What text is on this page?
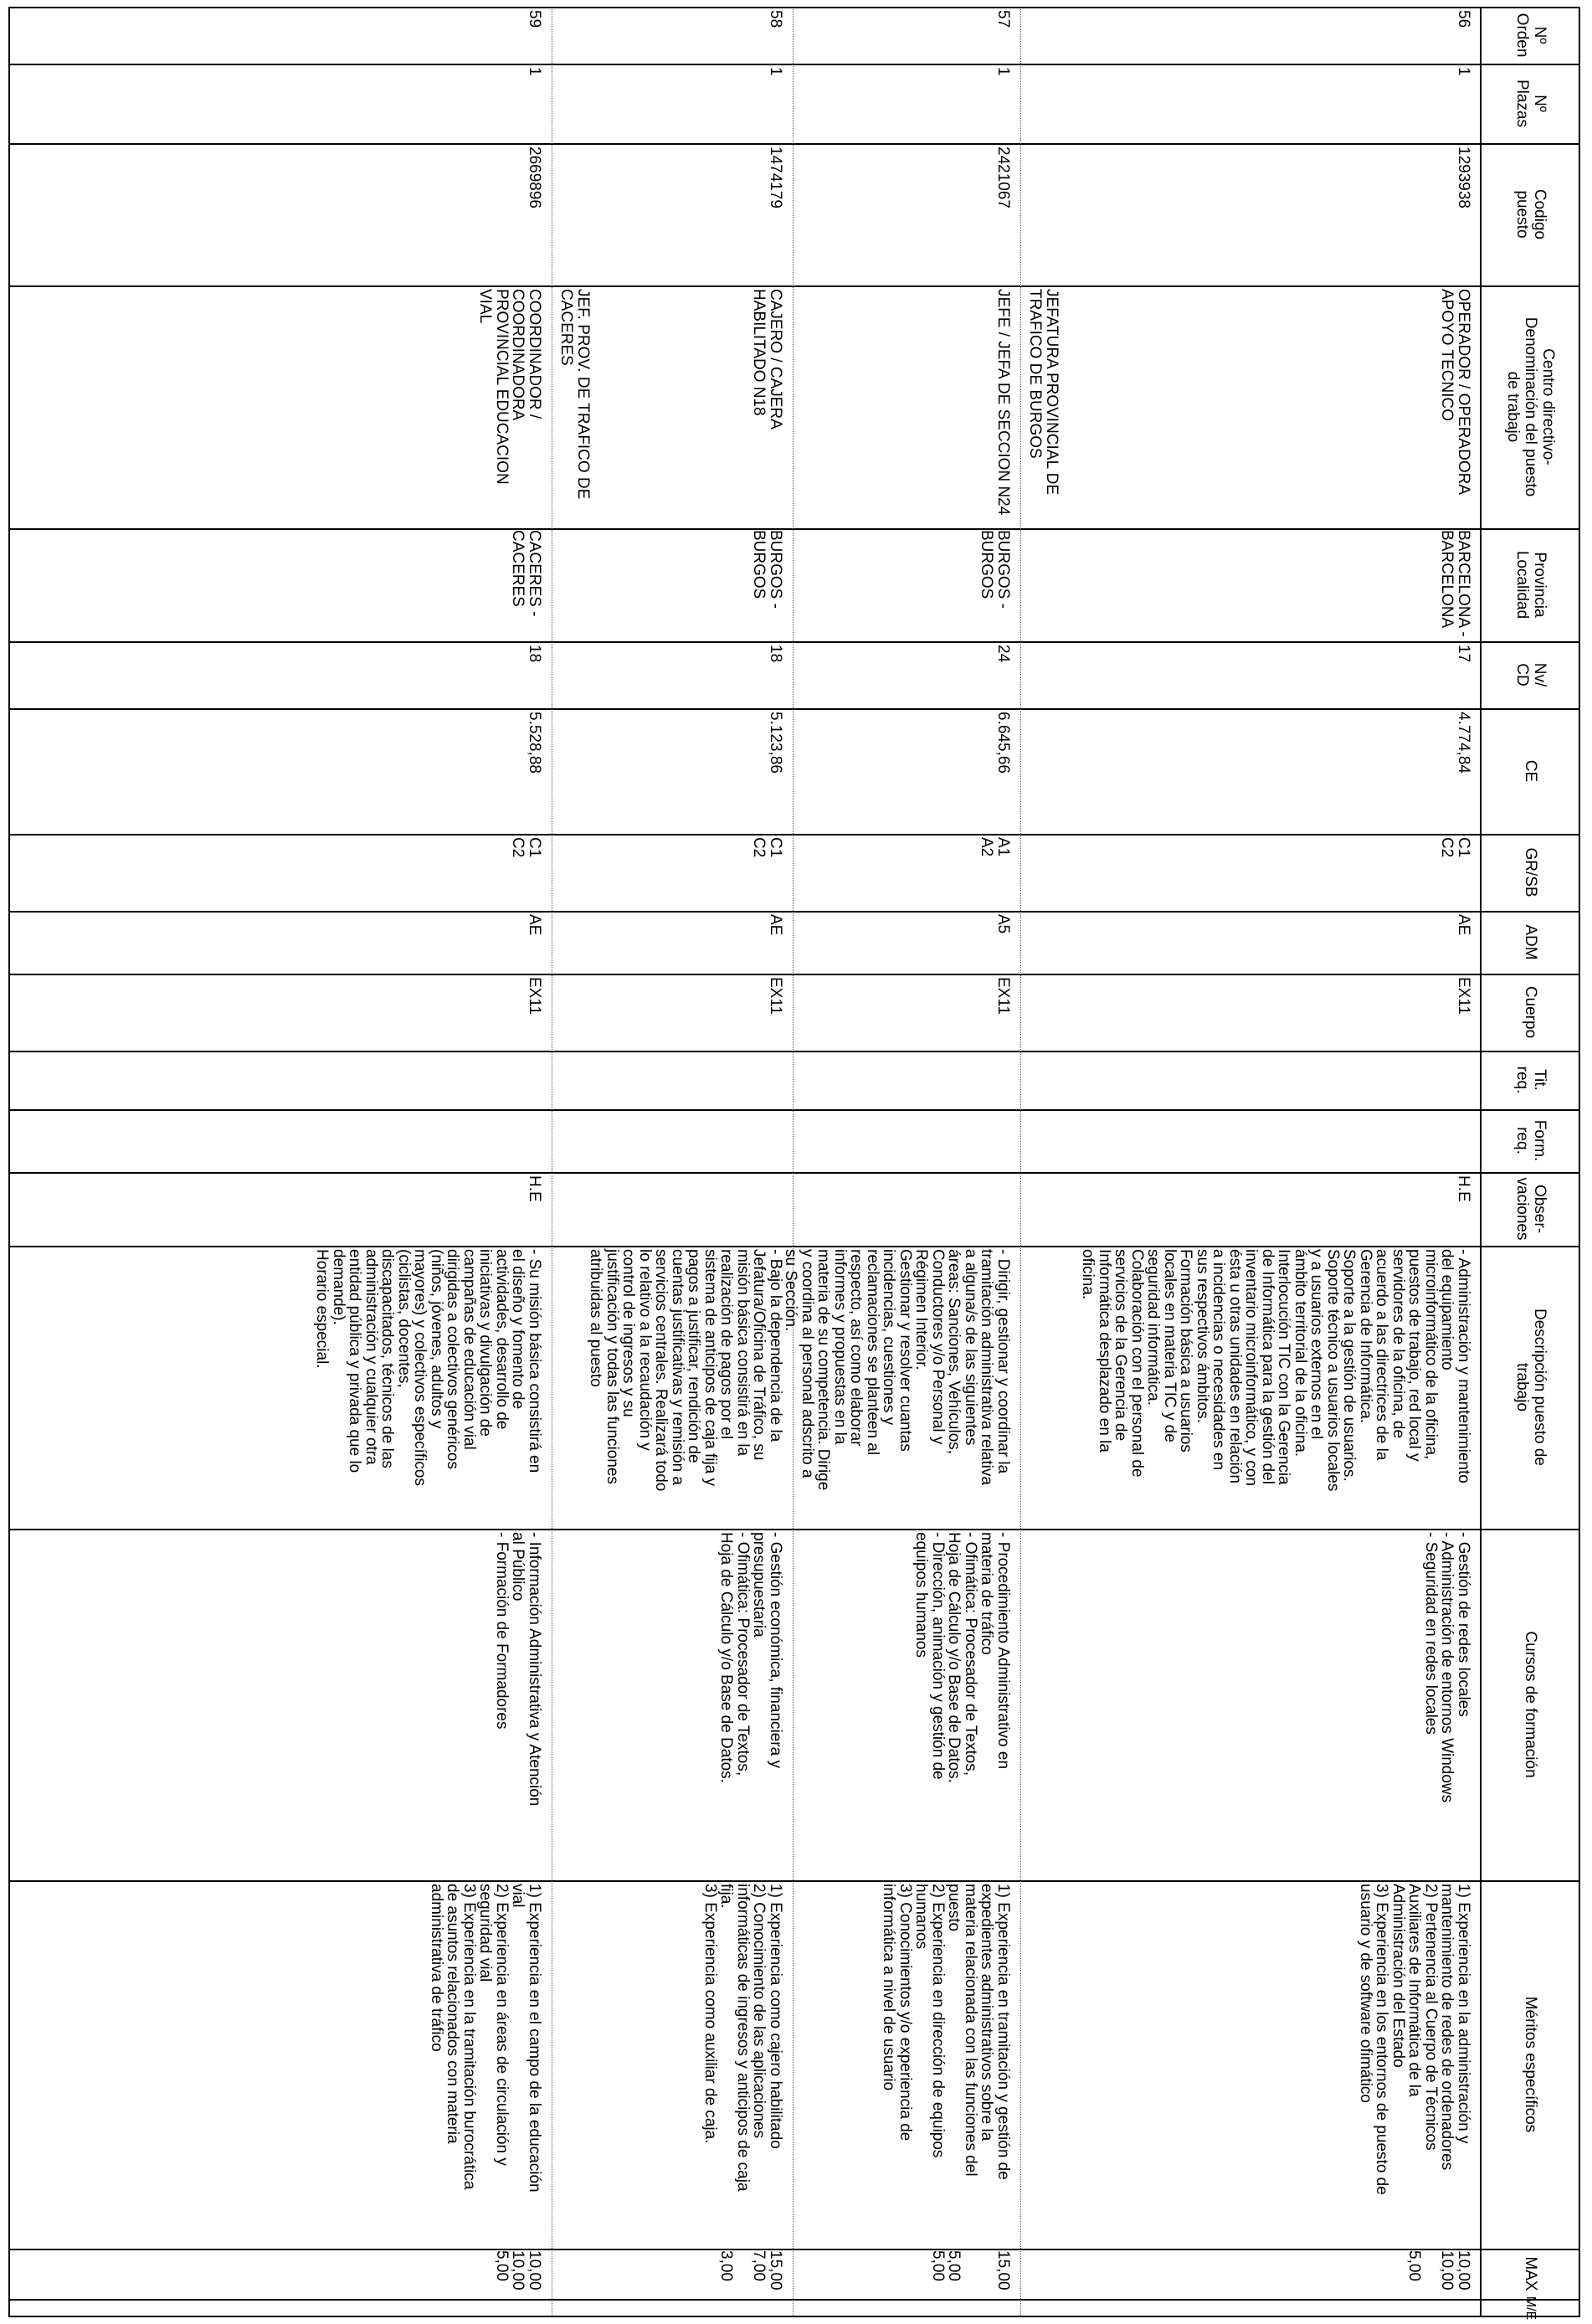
Nº
Orden
Nº
Plazas
Codigo
puesto
Centro directivo-
Denominación del puesto
de trabajo
Provincia
Localidad
Nv/
CD
CE
GR/SB
ADM
Cuerpo
Tit.
req.
Form.
req.
Obser-
vaciones
Descripción puesto de
trabajo
Cursos de formación
Méritos específicos
MAX
M/E
56
1
1293938
OPERADOR / OPERADORA
APOYO TECNICO
BARCELONA -
BARCELONA
17
4.774,84
C1
C2
AE
EX11
H.E
- Administración y mantenimiento
del equipamiento
microinformático de la oficina,
puestos de trabajo, red local y
servidores de la oficina, de
acuerdo a las directrices de la
Gerencia de Informática.
Soporte a la gestión de usuarios.
Soporte técnico a usuarios locales
y a usuarios externos en el
ámbito territorial de la oficina.
Interlocución TIC con la Gerencia
de Informática para la gestión del
inventario microinformático, y con
ésta u otras unidades en relación
a incidencias o necesidades en
sus respectivos ámbitos.
Formación básica a usuarios
locales en materia TIC y de
seguridad informática.
Colaboración con el personal de
servicios de la Gerencia de
Informática desplazado en la
oficina.
- Gestión de redes locales
- Administración de entornos Windows
- Seguridad en redes locales
1) Experiencia en la administración y
mantenimiento de redes de ordenadores
2) Pertenencia al Cuerpo de Técnicos
Auxiliares de Informática de la
Administración del Estado
3) Experiencia en los entornos de puesto de
usuario y de software ofimático
10,00
10,00

5,00
57
1
2421067
JEFATURA PROVINCIAL DE
TRAFICO DE BURGOS
JEFE / JEFA DE SECCION N24
BURGOS -
BURGOS
24
6.645,66
A1
A2
A5
EX11
- Dirigir, gestionar y coordinar la
tramitación administrativa relativa
a alguna/s de las siguientes
áreas: Sanciones, Vehículos,
Conductores y/o Personal y
Régimen Interior.
Gestionar y resolver cuantas
incidencias, cuestiones y
reclamaciones se planteen al
respecto, así como elaborar
informes y propuestas en la
materia de su competencia. Dirige
y coordina al personal adscrito a
su Sección.
- Procedimiento Administrativo en
materia de tráfico
- Ofimática: Procesador de Textos,
Hoja de Cálculo y/o Base de Datos.
- Dirección, animación y gestión de
equipos humanos
1) Experiencia en tramitación y gestión de
expedientes administrativos sobre la
materia relacionada con las funciones del
puesto
2) Experiencia en dirección de equipos
humanos
3) Conocimientos y/o experiencia de
informática a nivel de usuario
15,00

5,00
5,00
58
1
1474179
CAJERO / CAJERA
HABILITADO N18
BURGOS -
BURGOS
18
5.123,86
C1
C2
AE
EX11
- Bajo la dependencia de la
Jefatura/Oficina de Tráfico, su
misión básica consistirá en la
realización de pagos por el
sistema de anticipos de caja fija y
pagos a justificar, rendición de
cuentas justificativas y remisión a
servicios centrales. Realizará todo
lo relativo a la recaudación y
control de ingresos y su
justificación y todas las funciones
atribuidas al puesto
- Gestión económica, financiera y
presupuestaria
- Ofimática: Procesador de Textos,
Hoja de Cálculo y/o Base de Datos.
1) Experiencia como cajero habilitado
2) Conocimiento de las aplicaciones
informáticas de ingresos y anticipos de caja
fija.
3) Experiencia como auxiliar de caja.
15,00
7,00

3,00
59
1
2669896
JEF. PROV. DE TRAFICO DE
CACERES
COORDINADOR /
COORDINADORA
PROVINCIAL EDUCACION
VIAL
CACERES -
CACERES
18
5.528,88
C1
C2
AE
EX11
H.E
- Su misión básica consistirá en
el diseño y fomento de
actividades, desarrollo de
iniciativas y divulgación de
campañas de educación vial
dirigidas a colectivos genéricos
(niños, jóvenes, adultos y
mayores) y colectivos específicos
(ciclistas, docentes,
discapacitados, técnicos de las
administración y cualquier otra
entidad pública y privada que lo
demande).
Horario especial.
- Información Administrativa y Atención
al Público
- Formación de Formadores
1) Experiencia en el campo de la educación
vial
2) Experiencia en áreas de circulación y
seguridad vial
3) Experiencia en la tramitación burocrática
de asuntos relacionados con materia
administrativa de tráfico
10,00
10,00
5,00
